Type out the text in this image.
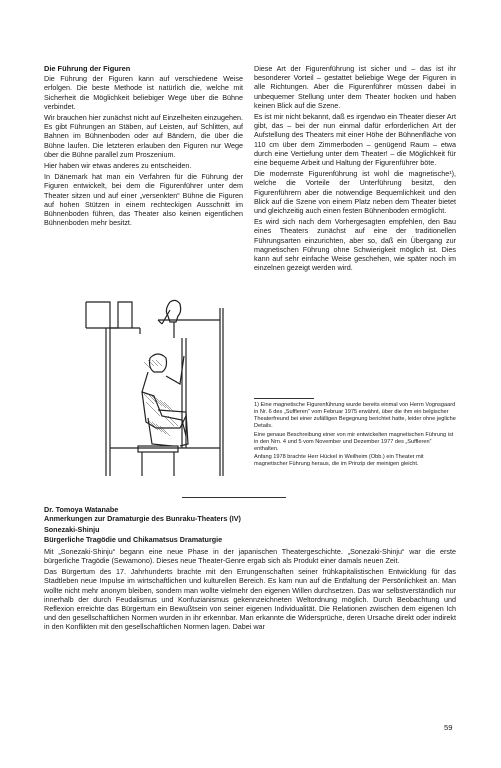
Die Führung der Figuren

Die Führung der Figuren kann auf verschiedene Weise erfolgen. Die beste Methode ist natürlich die, welche mit Sicherheit die Möglichkeit beliebiger Wege über die Bühne verbindet.

Wir brauchen hier zunächst nicht auf Einzelheiten einzugehen. Es gibt Führungen an Stäben, auf Leisten, auf Schlitten, auf Bahnen im Bühnenboden oder auf Bändern, die über die Bühne laufen. Die letzteren erlauben den Figuren nur Wege über die Bühne parallel zum Proszenium.

Hier haben wir etwas anderes zu entscheiden.

In Dänemark hat man ein Verfahren für die Führung der Figuren entwickelt, bei dem die Figurenführer unter dem Theater sitzen und auf einer „versenkten“ Bühne die Figuren auf hohen Stützen in einem rechteckigen Ausschnitt im Bühnenboden führen, das Theater also keinen eigentlichen Bühnenboden mehr besitzt.

Diese Art der Figurenführung ist sicher und – das ist ihr besonderer Vorteil – gestattet beliebige Wege der Figuren in alle Richtungen. Aber die Figurenführer müssen dabei in unbequemer Stellung unter dem Theater hocken und haben keinen Blick auf die Szene.

Es ist mir nicht bekannt, daß es irgendwo ein Theater dieser Art gibt, das – bei der nun einmal dafür erforderlichen Art der Aufstellung des Theaters mit einer Höhe der Bühnenfläche von 110 cm über dem Zimmerboden – genügend Raum – etwa durch eine Vertiefung unter dem Theater! – die Möglichkeit für eine bequeme Arbeit und Haltung der Figurenführer böte.

Die modernste Figurenführung ist wohl die magnetische¹), welche die Vorteile der Unterführung besitzt, den Figurenführern aber die notwendige Bequemlichkeit und den Blick auf die Szene von einem Platz neben dem Theater bietet und gleichzeitig auch einen festen Bühnenboden ermöglicht.

Es wird sich nach dem Vorhergesagten empfehlen, den Bau eines Theaters zunächst auf eine der traditionellen Führungsarten einzurichten, aber so, daß ein Übergang zur magnetischen Führung ohne Schwierigkeit möglich ist. Dies kann auf sehr einfache Weise geschehen, wie später noch im einzelnen gezeigt werden wird.

1) Eine magnetische Figurenführung wurde bereits einmal von Herrn Vognsgaard in Nr. 6 des „Suffleren“ vom Februar 1975 erwähnt, über die ihm ein belgischer Theaterfreund bei einer zufälligen Begegnung berichtet hatte, leider ohne jegliche Details.

Eine genaue Beschreibung einer von mir entwickelten magnetischen Führung ist in den Nrn. 4 und 5 vom November und Dezember 1977 des „Suffleren“ enthalten.

Anfang 1978 brachte Herr Hückel in Weilheim (Obb.) ein Theater mit magnetischer Führung heraus, die im Prinzip der meinigen gleicht.

Dr. Tomoya Watanabe

Anmerkungen zur Dramaturgie des Bunraku-Theaters (IV)

Sonezaki-Shinju

Bürgerliche Tragödie und Chikamatsus Dramaturgie

Mit „Sonezaki-Shinju“ begann eine neue Phase in der japanischen Theatergeschichte. „Sonezaki-Shinju“ war die erste bürgerliche Tragödie (Sewamono). Dieses neue Theater-Genre ergab sich als Produkt einer damals neuen Zeit.

Das Bürgertum des 17. Jahrhunderts brachte mit den Errungenschaften seiner frühkapitalistischen Entwicklung für das Stadtleben neue Impulse im wirtschaftlichen und kulturellen Bereich. Es kam nun auf die Entfaltung der Persönlichkeit an. Man wollte nicht mehr anonym bleiben, sondern man wollte vielmehr den eigenen Willen durchsetzen. Das war selbstverständlich nur innerhalb der durch Feudalismus und Konfuzianismus gekennzeichneten Weltordnung möglich. Durch Beobachtung und Reflexion erreichte das Bürgertum ein Bewußtsein von seiner eigenen Individualität. Die Relationen zwischen dem eigenen Ich und den gesellschaftlichen Normen wurden in ihr erkennbar. Man erkannte die Widersprüche, deren Ursache direkt oder indirekt in den Konflikten mit den gesellschaftlichen Normen lagen. Dabei war

59
